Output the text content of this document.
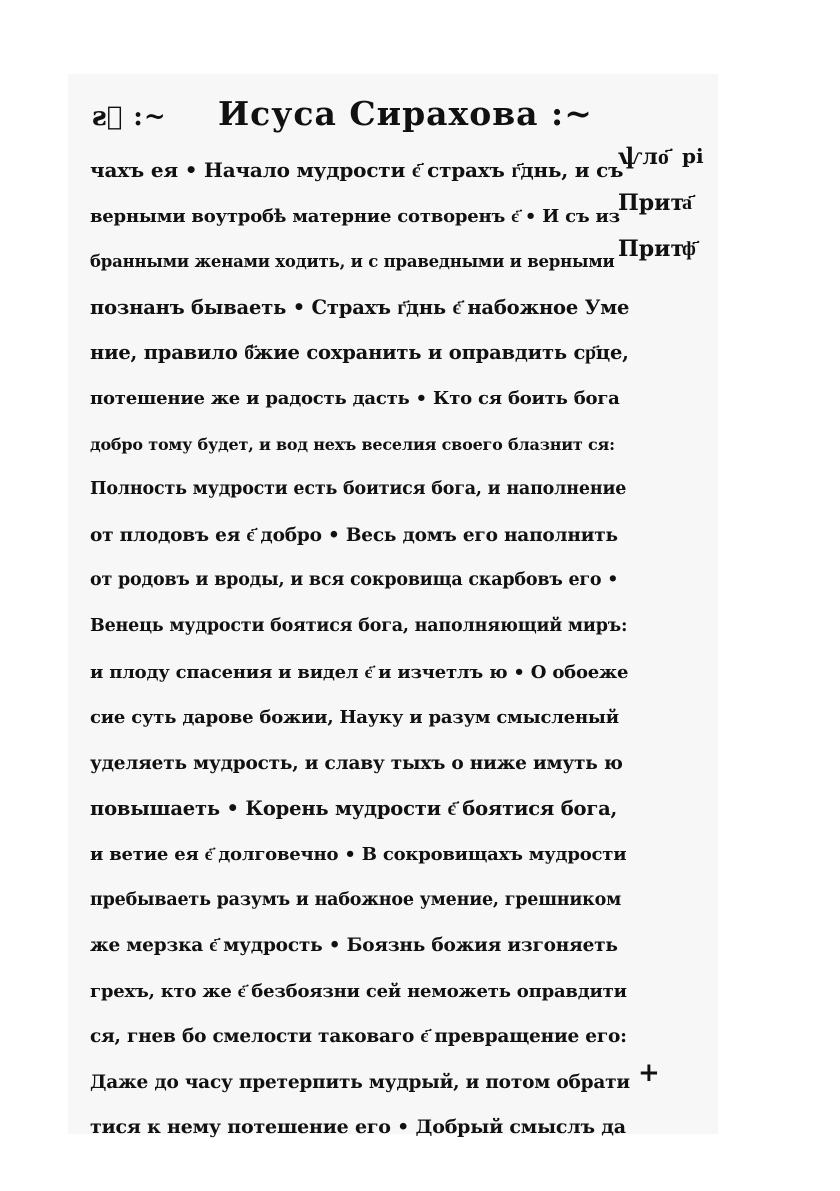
ꙅ҃ :~ Исуса Сирахова :~
чахъ ея • Начало мудрости є҃ страхъ г҃днь, и съ
верными воутробѣ матерние сотворенъ є҃ • И съ из
бранными женами ходить, и с праведными и верными
познанъ бываеть • Страхъ г҃днь є҃ набожное Уме
ние, правило б҃жие сохранить и оправдить ср҃це,
потешение же и радость дасть • Кто ся боить бога
добро тому будет, и вод нехъ веселия своего блазнит ся:
Полность мудрости есть боитися бога, и наполнение
от плодовъ ея є҃ добро • Весь домъ его наполнить
от родовъ и вроды, и вся сокровища скарбовъ его •
Венець мудрости боятися бога, наполняющий миръ:
и плоду спасения и видел є҃ и изчетлъ ю • О обоеже
сие суть дарове божии, Науку и разум смысленый
уделяеть мудрость, и славу тыхъ о ниже имуть ю
повышаеть • Корень мудрости є҃ боятися бога,
и ветие ея є҃ долговечно • В сокровищахъ мудрости
пребываеть разумъ и набожное умение, грешником
же мерзка є҃ мудрость • Боязнь божия изгоняеть
грехъ, кто же є҃ безбоязни сей неможеть оправдити
ся, гнев бо смелости таковаго є҃ превращение его:
Даже до часу претерпить мудрый, и потом обрати
тися к нему потешение его • Добрый смыслъ да
ѱло҃ рі
Прит
а҃
Прит
ф҃
+
